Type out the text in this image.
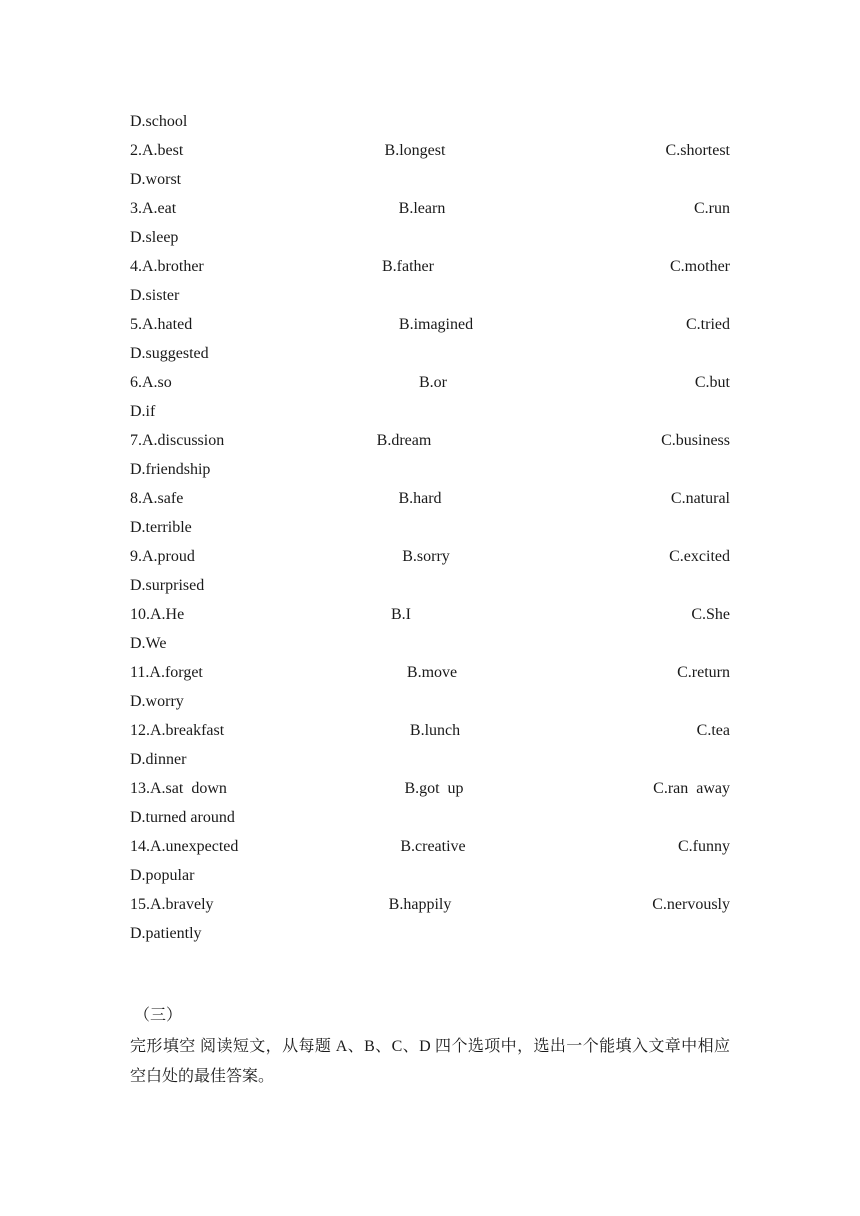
D.school
2.A.best	B.longest	C.shortest
D.worst
3.A.eat	B.learn	C.run
D.sleep
4.A.brother	B.father	C.mother
D.sister
5.A.hated	B.imagined	C.tried
D.suggested
6.A.so	B.or	C.but
D.if
7.A.discussion	B.dream	C.business
D.friendship
8.A.safe	B.hard	C.natural
D.terrible
9.A.proud	B.sorry	C.excited
D.surprised
10.A.He	B.I	C.She
D.We
11.A.forget	B.move	C.return
D.worry
12.A.breakfast	B.lunch	C.tea
D.dinner
13.A.sat  down	B.got  up	C.ran  away
D.turned around
14.A.unexpected	B.creative	C.funny
D.popular
15.A.bravely	B.happily	C.nervously
D.patiently
（三）
完形填空 阅读短文，从每题 A、B、C、D 四个选项中，选出一个能填入文章中相应空白处的最佳答案。
